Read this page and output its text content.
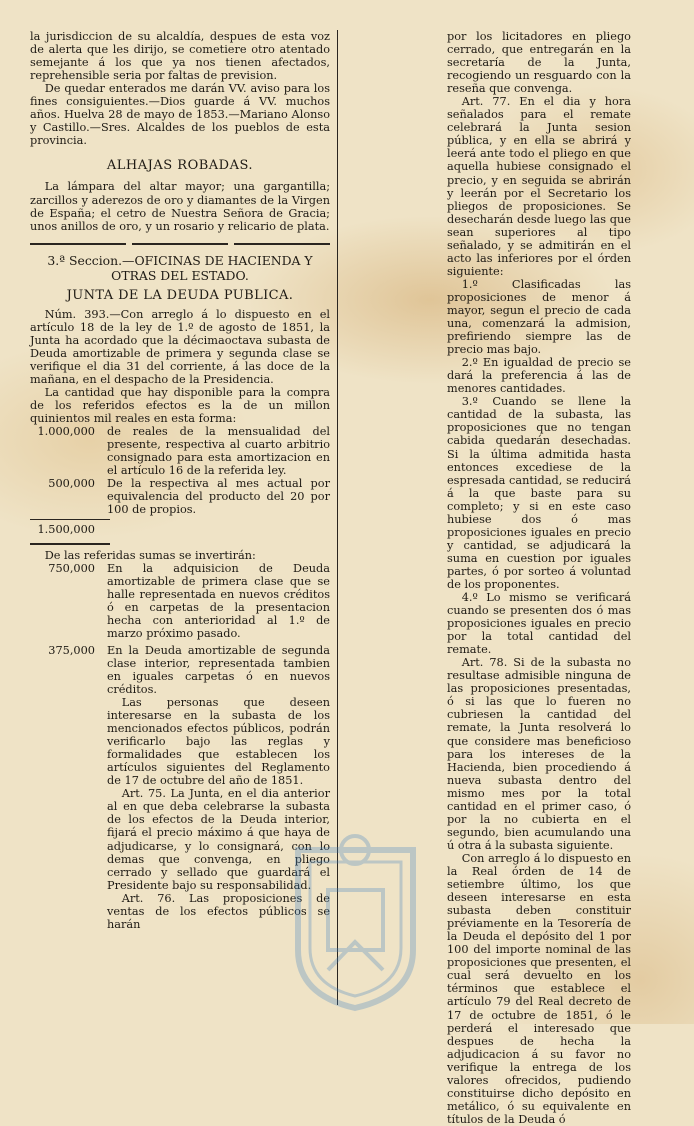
la jurisdiccion de su alcaldía, despues de esta voz de alerta que les dirijo, se cometiere otro atentado semejante á los que ya nos tienen afectados, reprehensible seria por faltas de prevision.

De quedar enterados me darán VV. aviso para los fines consiguientes.—Dios guarde á VV. muchos años. Huelva 28 de mayo de 1853.—Mariano Alonso y Castillo.—Sres. Alcaldes de los pueblos de esta provincia.

ALHAJAS ROBADAS.

La lámpara del altar mayor; una gargantilla; zarcillos y aderezos de oro y diamantes de la Virgen de España; el cetro de Nuestra Señora de Gracia; unos anillos de oro, y un rosario y relicario de plata.

3.ª Seccion.—OFICINAS DE HACIENDA Y OTRAS DEL ESTADO.
JUNTA DE LA DEUDA PUBLICA.

Núm. 393.—Con arreglo á lo dispuesto en el artículo 18 de la ley de 1.º de agosto de 1851, la Junta ha acordado que la décimaoctava subasta de Deuda amortizable de primera y segunda clase se verifique el dia 31 del corriente, á las doce de la mañana, en el despacho de la Presidencia.

La cantidad que hay disponible para la compra de los referidos efectos es la de un millon quinientos mil reales en esta forma:

1.000,000	de reales de la mensualidad del presente, respectiva al cuarto arbitrio consignado para esta amortizacion en el artículo 16 de la referida ley.
500,000	De la respectiva al mes actual por equivalencia del producto del 20 por 100 de propios.
1.500,000

De las referidas sumas se invertirán:

750,000	En la adquisicion de Deuda amortizable de primera clase que se halle representada en nuevos créditos ó en carpetas de la presentacion hecha con anterioridad al 1.º de marzo próximo pasado.
375,000	En la Deuda amortizable de segunda clase interior, representada tambien en iguales carpetas ó en nuevos créditos.

Las personas que deseen interesarse en la subasta de los mencionados efectos públicos, podrán verificarlo bajo las reglas y formalidades que establecen los artículos siguientes del Reglamento de 17 de octubre del año de 1851.

Art. 75. La Junta, en el dia anterior al en que deba celebrarse la subasta de los efectos de la Deuda interior, fijará el precio máximo á que haya de adjudicarse, y lo consignará, con lo demas que convenga, en pliego cerrado y sellado que guardará el Presidente bajo su responsabilidad.

Art. 76. Las proposiciones de ventas de los efectos públicos se harán

por los licitadores en pliego cerrado, que entregarán en la secretaría de la Junta, recogiendo un resguardo con la reseña que convenga.

Art. 77. En el dia y hora señalados para el remate celebrará la Junta sesion pública, y en ella se abrirá y leerá ante todo el pliego en que aquella hubiese consignado el precio, y en seguida se abrirán y leerán por el Secretario los pliegos de proposiciones. Se desecharán desde luego las que sean superiores al tipo señalado, y se admitirán en el acto las inferiores por el órden siguiente:

1.º Clasificadas las proposiciones de menor á mayor, segun el precio de cada una, comenzará la admision, prefiriendo siempre las de precio mas bajo.

2.º En igualdad de precio se dará la preferencia á las de menores cantidades.

3.º Cuando se llene la cantidad de la subasta, las proposiciones que no tengan cabida quedarán desechadas. Si la última admitida hasta entonces excediese de la espresada cantidad, se reducirá á la que baste para su completo; y si en este caso hubiese dos ó mas proposiciones iguales en precio y cantidad, se adjudicará la suma en cuestion por iguales partes, ó por sorteo á voluntad de los proponentes.

4.º Lo mismo se verificará cuando se presenten dos ó mas proposiciones iguales en precio por la total cantidad del remate.

Art. 78. Si de la subasta no resultase admisible ninguna de las proposiciones presentadas, ó si las que lo fueren no cubriesen la cantidad del remate, la Junta resolverá lo que considere mas beneficioso para los intereses de la Hacienda, bien procediendo á nueva subasta dentro del mismo mes por la total cantidad en el primer caso, ó por la no cubierta en el segundo, bien acumulando una ú otra á la subasta siguiente.

Con arreglo á lo dispuesto en la Real órden de 14 de setiembre último, los que deseen interesarse en esta subasta deben constituir préviamente en la Tesorería de la Deuda el depósito del 1 por 100 del importe nominal de las proposiciones que presenten, el cual será devuelto en los términos que establece el artículo 79 del Real decreto de 17 de octubre de 1851, ó le perderá el interesado que despues de hecha la adjudicacion á su favor no verifique la entrega de los valores ofrecidos, pudiendo constituirse dicho depósito en metálico, ó su equivalente en títulos de la Deuda ó
